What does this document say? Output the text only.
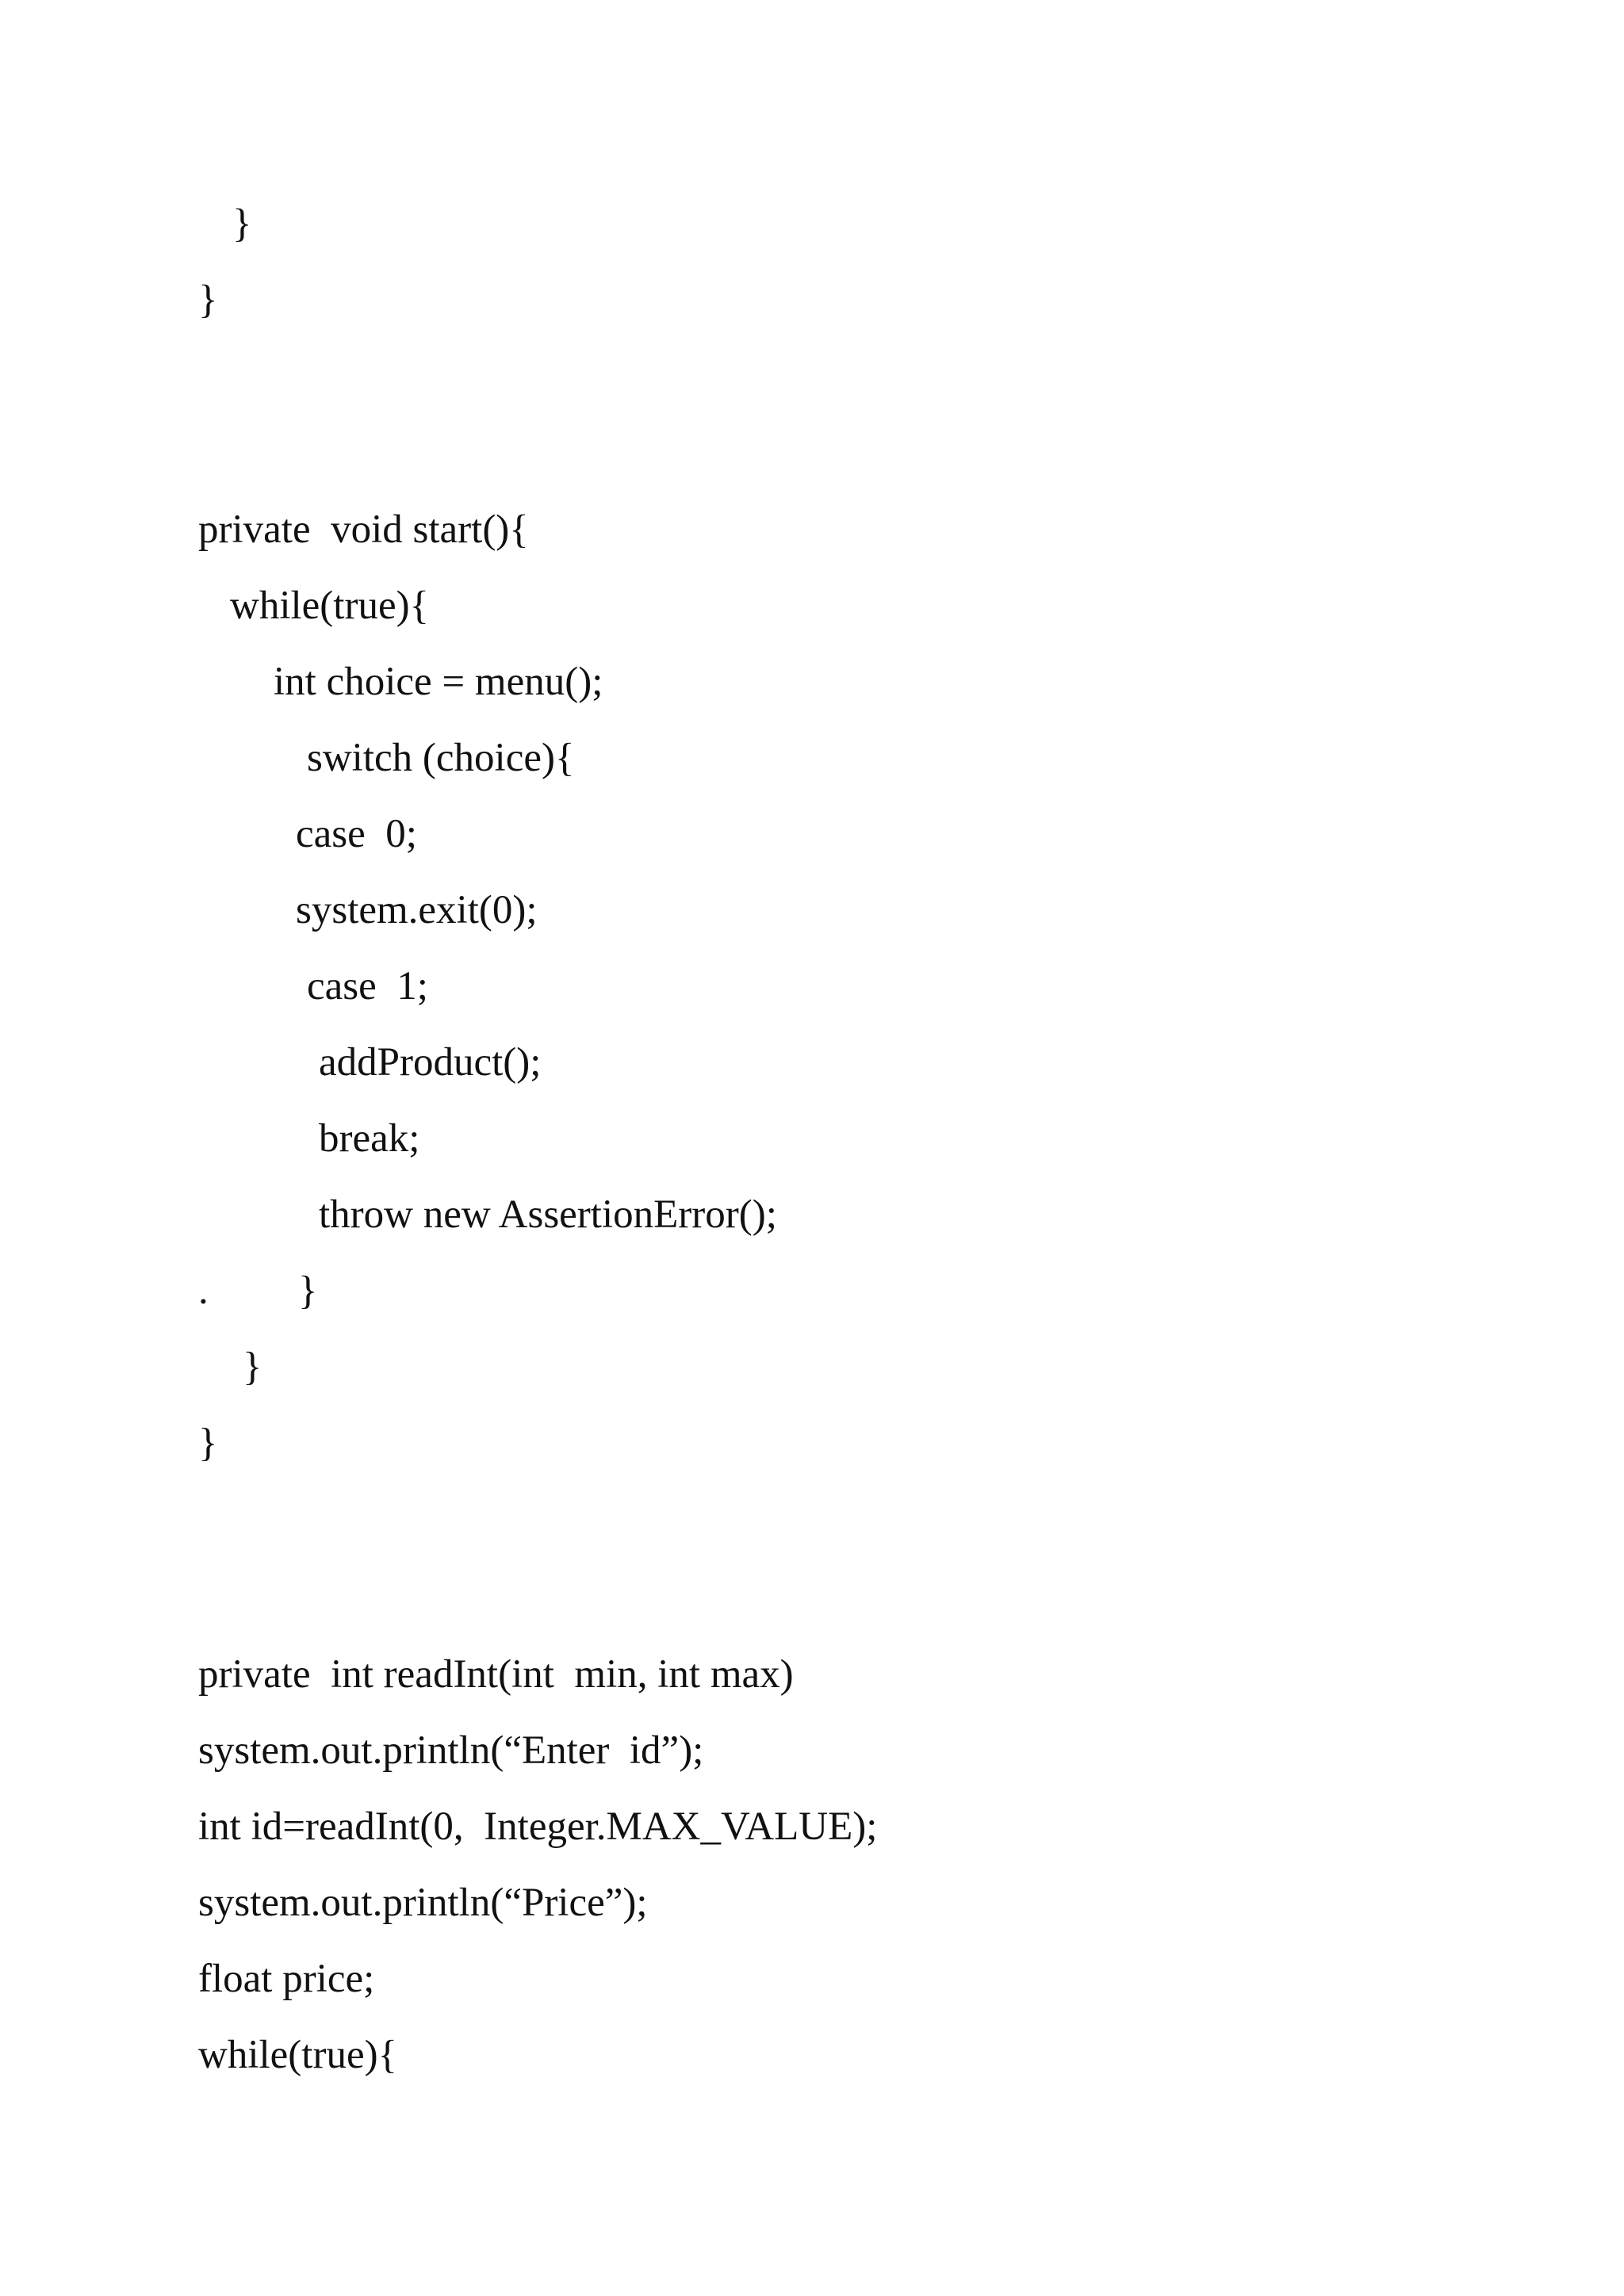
}
}
private  void start(){
while(true){
int choice = menu();
switch (choice){
case  0;
system.exit(0);
case  1;
addProduct();
break;
throw new AssertionError();
. }
}
}
private  int readInt(int  min, int max)
system.out.println(“Enter  id”);
int id=readInt(0,  Integer.MAX_VALUE);
system.out.println(“Price”);
float price;
while(true){
